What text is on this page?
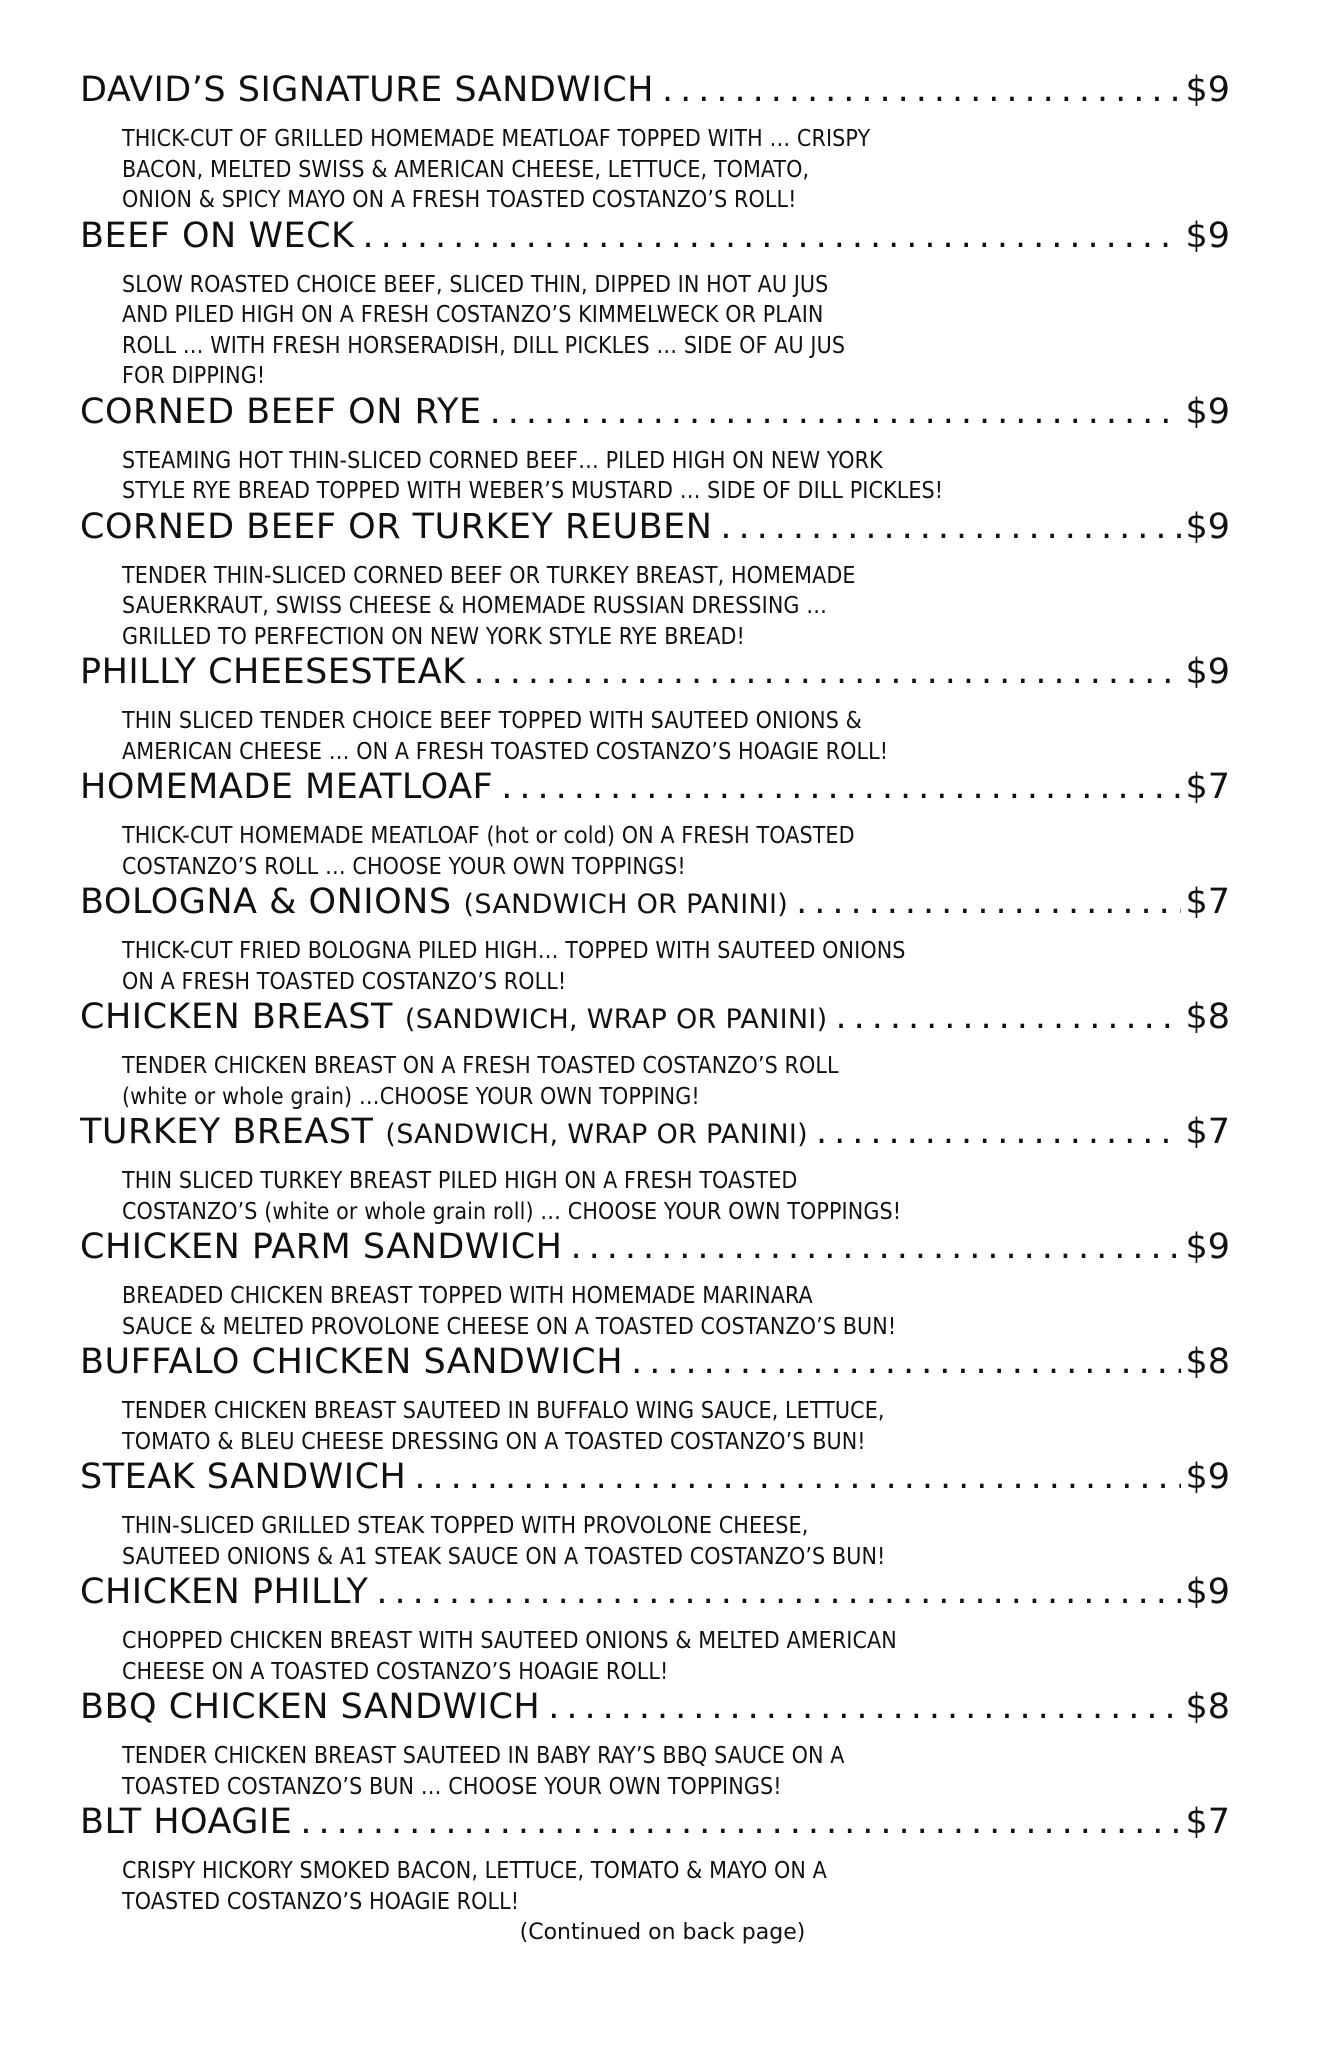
DAVID’S SIGNATURE SANDWICH .....	$9
THICK-CUT OF GRILLED HOMEMADE MEATLOAF TOPPED WITH … CRISPY
BACON, MELTED SWISS & AMERICAN CHEESE, LETTUCE, TOMATO,
ONION & SPICY MAYO ON A FRESH TOASTED COSTANZO’S ROLL!
BEEF ON WECK .....	$9
SLOW ROASTED CHOICE BEEF, SLICED THIN, DIPPED IN HOT AU JUS
AND PILED HIGH ON A FRESH COSTANZO’S KIMMELWECK OR PLAIN
ROLL … WITH FRESH HORSERADISH, DILL PICKLES … SIDE OF AU JUS
FOR DIPPING!
CORNED BEEF ON RYE .....	$9
STEAMING HOT THIN-SLICED CORNED BEEF… PILED HIGH ON NEW YORK
STYLE RYE BREAD TOPPED WITH WEBER’S MUSTARD … SIDE OF DILL PICKLES!
CORNED BEEF OR TURKEY REUBEN .....	$9
TENDER THIN-SLICED CORNED BEEF OR TURKEY BREAST, HOMEMADE
SAUERKRAUT, SWISS CHEESE & HOMEMADE RUSSIAN DRESSING …
GRILLED TO PERFECTION ON NEW YORK STYLE RYE BREAD!
PHILLY CHEESESTEAK .....	$9
THIN SLICED TENDER CHOICE BEEF TOPPED WITH SAUTEED ONIONS &
AMERICAN CHEESE … ON A FRESH TOASTED COSTANZO’S HOAGIE ROLL!
HOMEMADE MEATLOAF .....	$7
THICK-CUT HOMEMADE MEATLOAF (hot or cold) ON A FRESH TOASTED
COSTANZO’S ROLL … CHOOSE YOUR OWN TOPPINGS!
BOLOGNA & ONIONS (SANDWICH OR PANINI) .....	$7
THICK-CUT FRIED BOLOGNA PILED HIGH… TOPPED WITH SAUTEED ONIONS
ON A FRESH TOASTED COSTANZO’S ROLL!
CHICKEN BREAST (SANDWICH, WRAP OR PANINI) .....	$8
TENDER CHICKEN BREAST ON A FRESH TOASTED COSTANZO’S ROLL
(white or whole grain) …CHOOSE YOUR OWN TOPPING!
TURKEY BREAST (SANDWICH, WRAP OR PANINI) .....	$7
THIN SLICED TURKEY BREAST PILED HIGH ON A FRESH TOASTED
COSTANZO’S (white or whole grain roll) … CHOOSE YOUR OWN TOPPINGS!
CHICKEN PARM SANDWICH .....	$9
BREADED CHICKEN BREAST TOPPED WITH HOMEMADE MARINARA
SAUCE & MELTED PROVOLONE CHEESE ON A TOASTED COSTANZO’S BUN!
BUFFALO CHICKEN SANDWICH .....	$8
TENDER CHICKEN BREAST SAUTEED IN BUFFALO WING SAUCE, LETTUCE,
TOMATO & BLEU CHEESE DRESSING ON A TOASTED COSTANZO’S BUN!
STEAK SANDWICH .....	$9
THIN-SLICED GRILLED STEAK TOPPED WITH PROVOLONE CHEESE,
SAUTEED ONIONS & A1 STEAK SAUCE ON A TOASTED COSTANZO’S BUN!
CHICKEN PHILLY .....	$9
CHOPPED CHICKEN BREAST WITH SAUTEED ONIONS & MELTED AMERICAN
CHEESE ON A TOASTED COSTANZO’S HOAGIE ROLL!
BBQ CHICKEN SANDWICH .....	$8
TENDER CHICKEN BREAST SAUTEED IN BABY RAY’S BBQ SAUCE ON A
TOASTED COSTANZO’S BUN … CHOOSE YOUR OWN TOPPINGS!
BLT HOAGIE .....	$7
CRISPY HICKORY SMOKED BACON, LETTUCE, TOMATO & MAYO ON A
TOASTED COSTANZO’S HOAGIE ROLL!
(Continued on back page)
